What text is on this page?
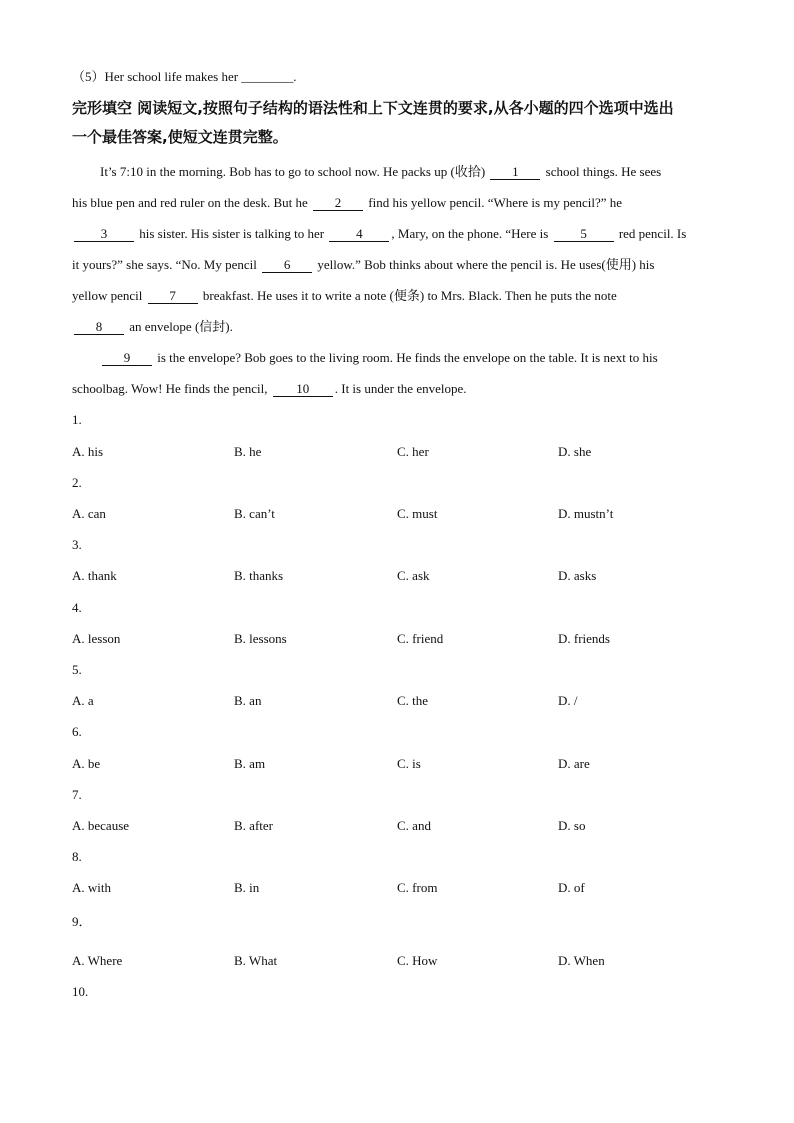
（5）Her school life makes her ________.
完形填空 阅读短文,按照句子结构的语法性和上下文连贯的要求,从各小题的四个选项中选出
一个最佳答案,使短文连贯完整。
It’s 7:10 in the morning. Bob has to go to school now. He packs up (收拾) 1 school things. He sees
his blue pen and red ruler on the desk. But he 2 find his yellow pencil. “Where is my pencil?” he
3 his sister. His sister is talking to her 4 , Mary, on the phone. “Here is 5 red pencil. Is
it yours?” she says. “No. My pencil 6 yellow.” Bob thinks about where the pencil is. He uses(使用) his
yellow pencil 7 breakfast. He uses it to write a note (便条) to Mrs. Black. Then he puts the note
8 an envelope (信封).
9 is the envelope? Bob goes to the living room. He finds the envelope on the table. It is next to his
schoolbag. Wow! He finds the pencil, 10 . It is under the envelope.
1.
A. his	B. he	C. her	D. she
2.
A. can	B. can’t	C. must	D. mustn’t
3.
A. thank	B. thanks	C. ask	D. asks
4.
A. lesson	B. lessons	C. friend	D. friends
5.
A. a	B. an	C. the	D. /
6.
A. be	B. am	C. is	D. are
7.
A. because	B. after	C. and	D. so
8.
A. with	B. in	C. from	D. of
9．
A. Where	B. What	C. How	D. When
10.
